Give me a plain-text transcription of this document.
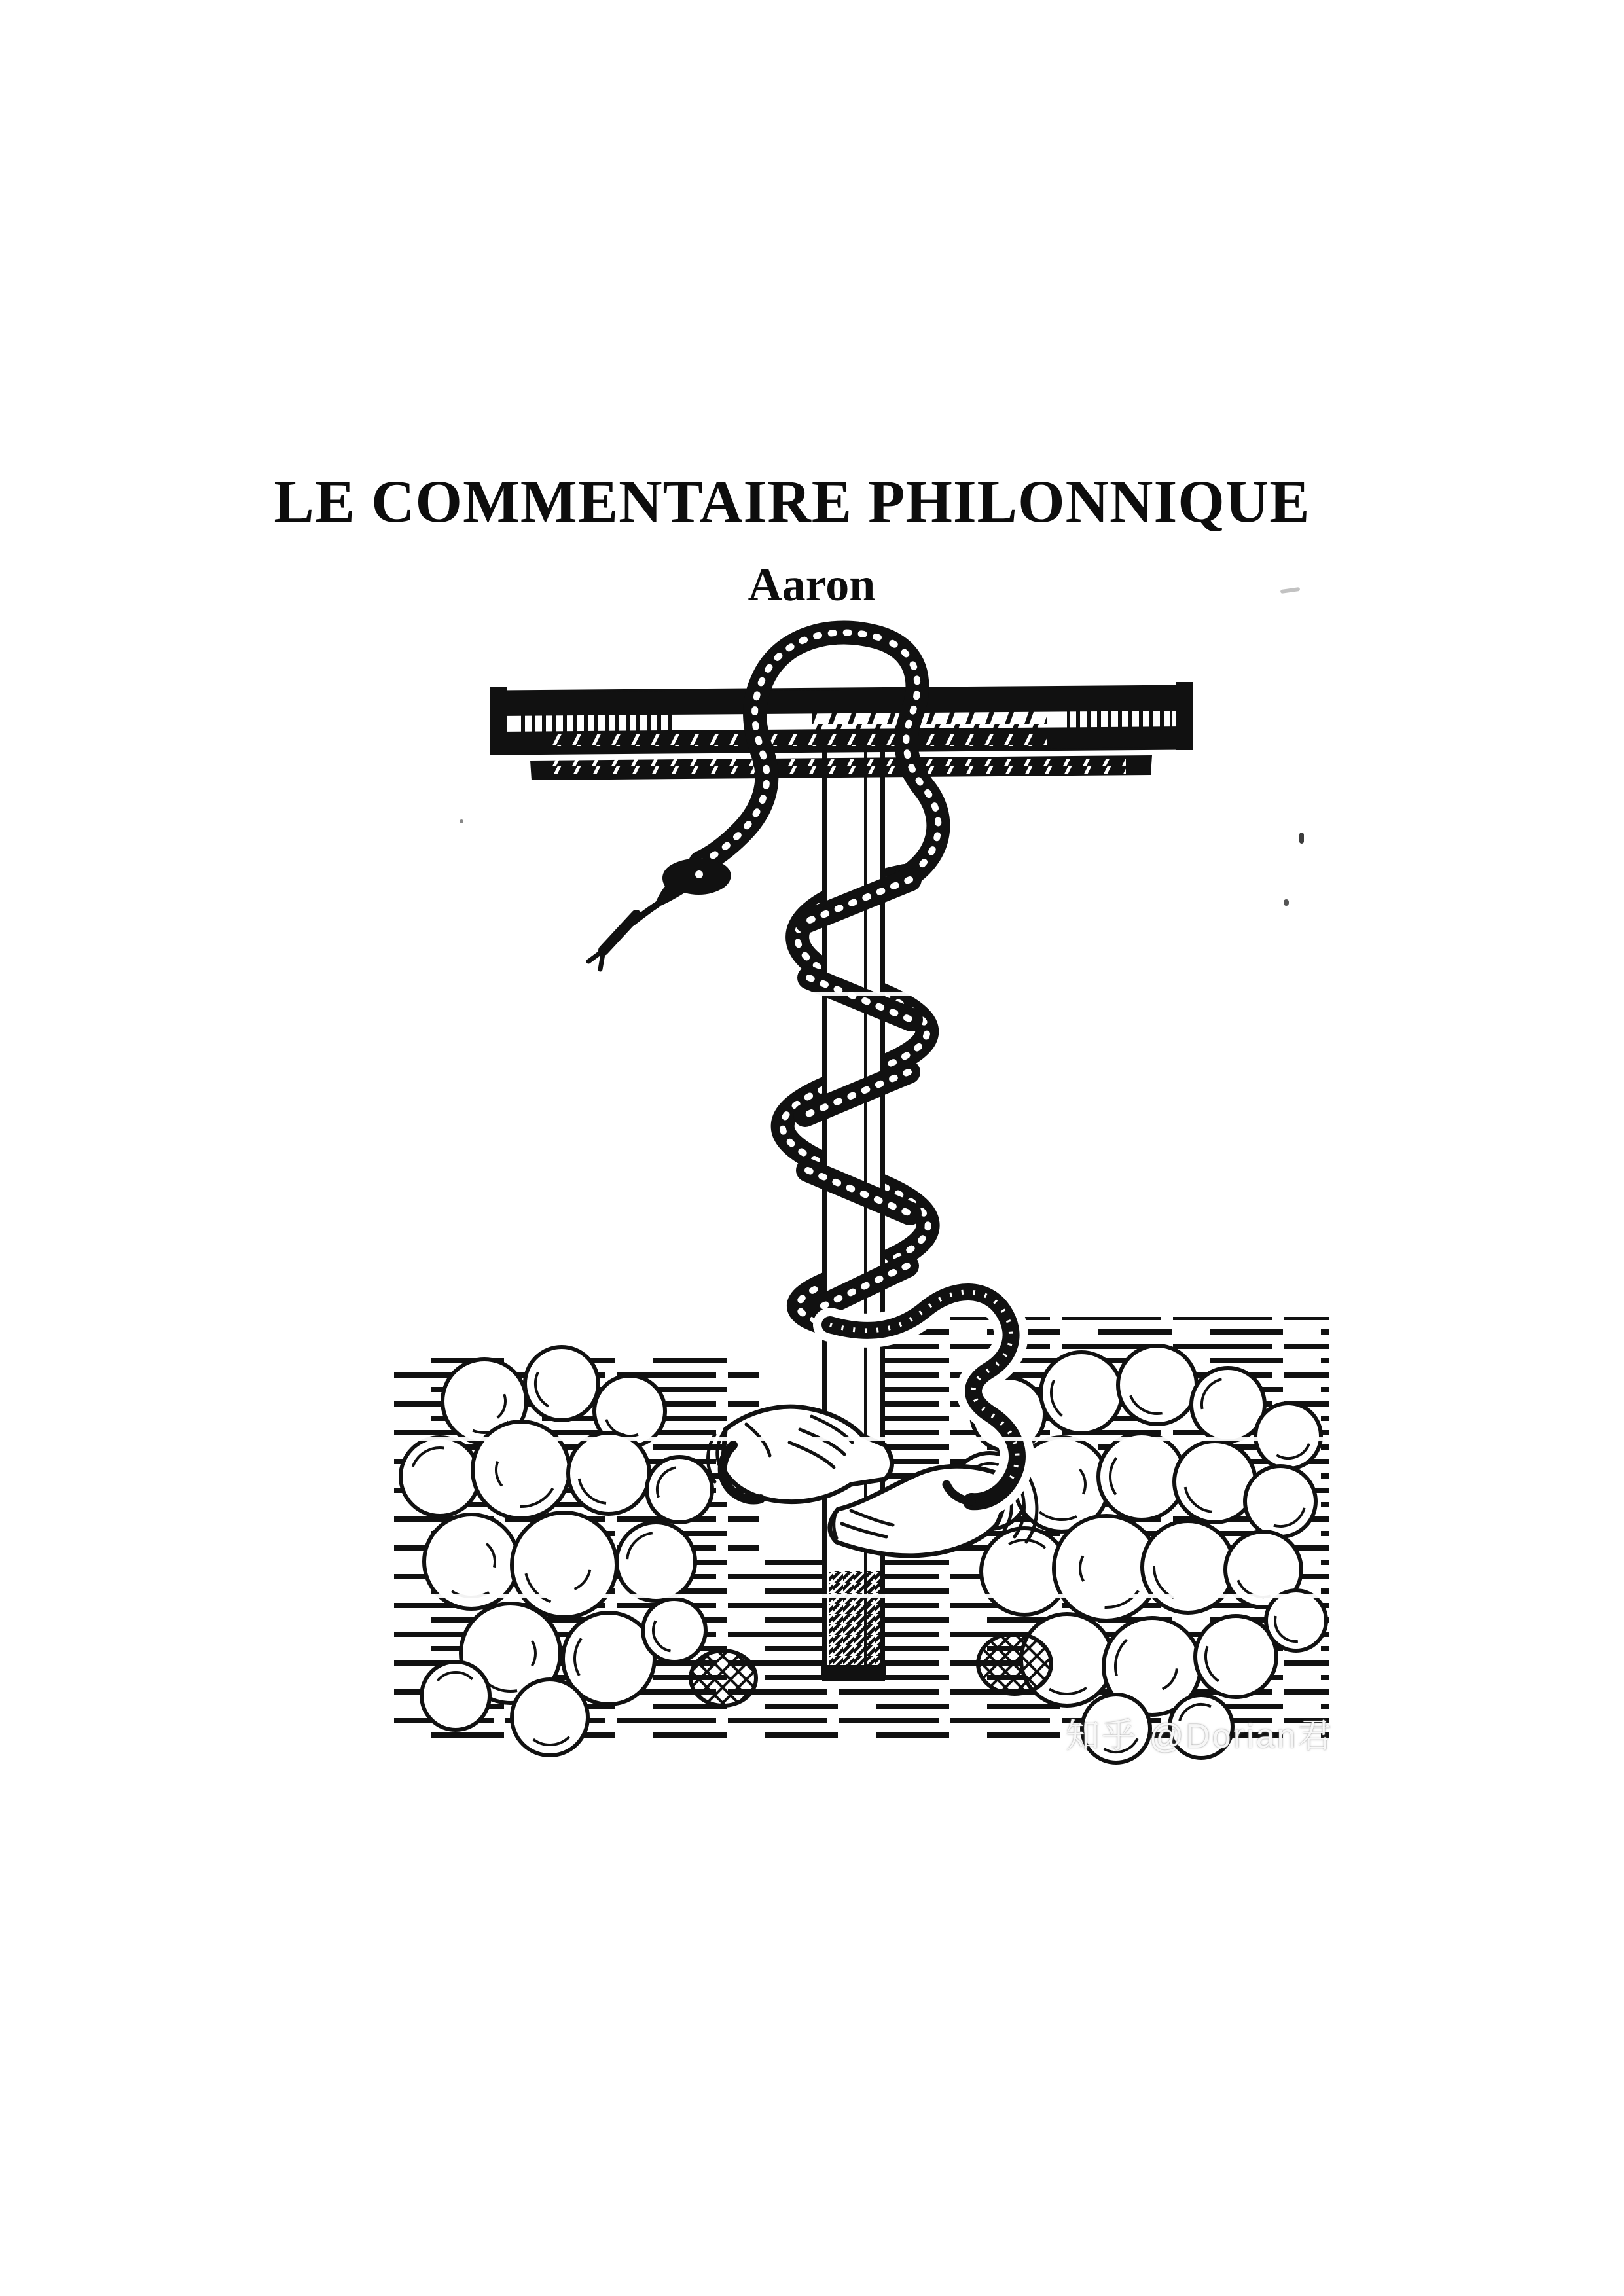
LE COMMENTAIRE PHILONNIQUE
Aaron
知乎 @Dorian君
